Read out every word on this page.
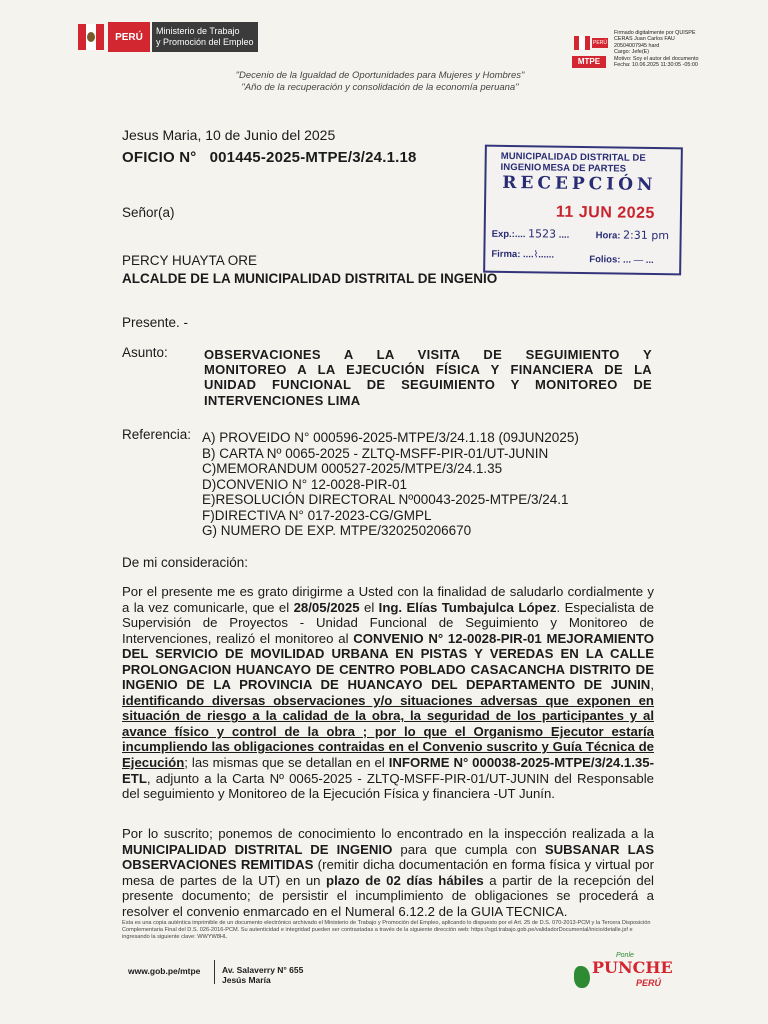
PERÚ
Ministerio de Trabajo
y Promoción del Empleo
"Decenio de la Igualdad de Oportunidades para Mujeres y Hombres"
"Año de la recuperación y consolidación de la economía peruana"
PERÚ
MTPE
Firmado digitalmente por QUISPE
CERAS Juan Carlos FAU
20504007945 hard
Cargo: Jefe(E)
Motivo: Soy el autor del documento
Fecha: 10.06.2025 11:30:05 -05:00
Jesus Maria, 10 de Junio del 2025
OFICIO N° 001445-2025-MTPE/3/24.1.18
Señor(a)
PERCY HUAYTA ORE
ALCALDE DE LA MUNICIPALIDAD DISTRITAL DE INGENIO
Presente. -
Asunto:	OBSERVACIONES A LA VISITA DE SEGUIMIENTO Y
MONITOREO A LA EJECUCIÓN FÍSICA Y FINANCIERA DE LA
UNIDAD FUNCIONAL DE SEGUIMIENTO Y MONITOREO DE
INTERVENCIONES LIMA
Referencia: A) PROVEIDO N° 000596-2025-MTPE/3/24.1.18 (09JUN2025)
B) CARTA Nº 0065-2025 - ZLTQ-MSFF-PIR-01/UT-JUNIN
C)MEMORANDUM 000527-2025/MTPE/3/24.1.35
D)CONVENIO N° 12-0028-PIR-01
E)RESOLUCIÓN DIRECTORAL Nº00043-2025-MTPE/3/24.1
F)DIRECTIVA N° 017-2023-CG/GMPL
G) NUMERO DE EXP. MTPE/320250206670
De mi consideración:
Por el presente me es grato dirigirme a Usted con la finalidad de saludarlo cordialmente y a la vez comunicarle, que el 28/05/2025 el Ing. Elías Tumbajulca López. Especialista de Supervisión de Proyectos - Unidad Funcional de Seguimiento y Monitoreo de Intervenciones, realizó el monitoreo al CONVENIO N° 12-0028-PIR-01 MEJORAMIENTO DEL SERVICIO DE MOVILIDAD URBANA EN PISTAS Y VEREDAS EN LA CALLE PROLONGACION HUANCAYO DE CENTRO POBLADO CASACANCHA DISTRITO DE INGENIO DE LA PROVINCIA DE HUANCAYO DEL DEPARTAMENTO DE JUNIN, identificando diversas observaciones y/o situaciones adversas que exponen en situación de riesgo a la calidad de la obra, la seguridad de los participantes y al avance físico y control de la obra ; por lo que el Organismo Ejecutor estaría incumpliendo las obligaciones contraidas en el Convenio suscrito y Guía Técnica de Ejecución; las mismas que se detallan en el INFORME N° 000038-2025-MTPE/3/24.1.35-ETL, adjunto a la Carta Nº 0065-2025 - ZLTQ-MSFF-PIR-01/UT-JUNIN del Responsable del seguimiento y Monitoreo de la Ejecución Física y financiera -UT Junín.
Por lo suscrito; ponemos de conocimiento lo encontrado en la inspección realizada a la MUNICIPALIDAD DISTRITAL DE INGENIO para que cumpla con SUBSANAR LAS OBSERVACIONES REMITIDAS (remitir dicha documentación en forma física y virtual por mesa de partes de la UT) en un plazo de 02 días hábiles a partir de la recepción del presente documento; de persistir el incumplimiento de obligaciones se procederá a resolver el convenio enmarcado en el Numeral 6.12.2 de la GUIA TECNICA.
MUNICIPALIDAD DISTRITAL DE INGENIO MESA DE PARTES
RECEPCIÓN
11 JUN 2025
Exp.:.... 1523 ....	Hora: 2:31 pm
Firma: ....⌇......	Folios: ... — ...
Esta es una copia auténtica imprimible de un documento electrónico archivado el Ministerio de Trabajo y Promoción del Empleo, aplicando lo dispuesto por el Art. 25 de D.S. 070-2013-PCM y la Tercera Disposición Complementaria Final del D.S. 026-2016-PCM. Su autenticidad e integridad pueden ser contrastadas a través de la siguiente dirección web: https://sgd.trabajo.gob.pe/validadorDocumental/inicio/detalle.jsf e ingresando la siguiente clave: WWYW8HL
www.gob.pe/mtpe	Av. Salaverry N° 655
Jesús María
Ponle
PUNCHE
PERÚ
